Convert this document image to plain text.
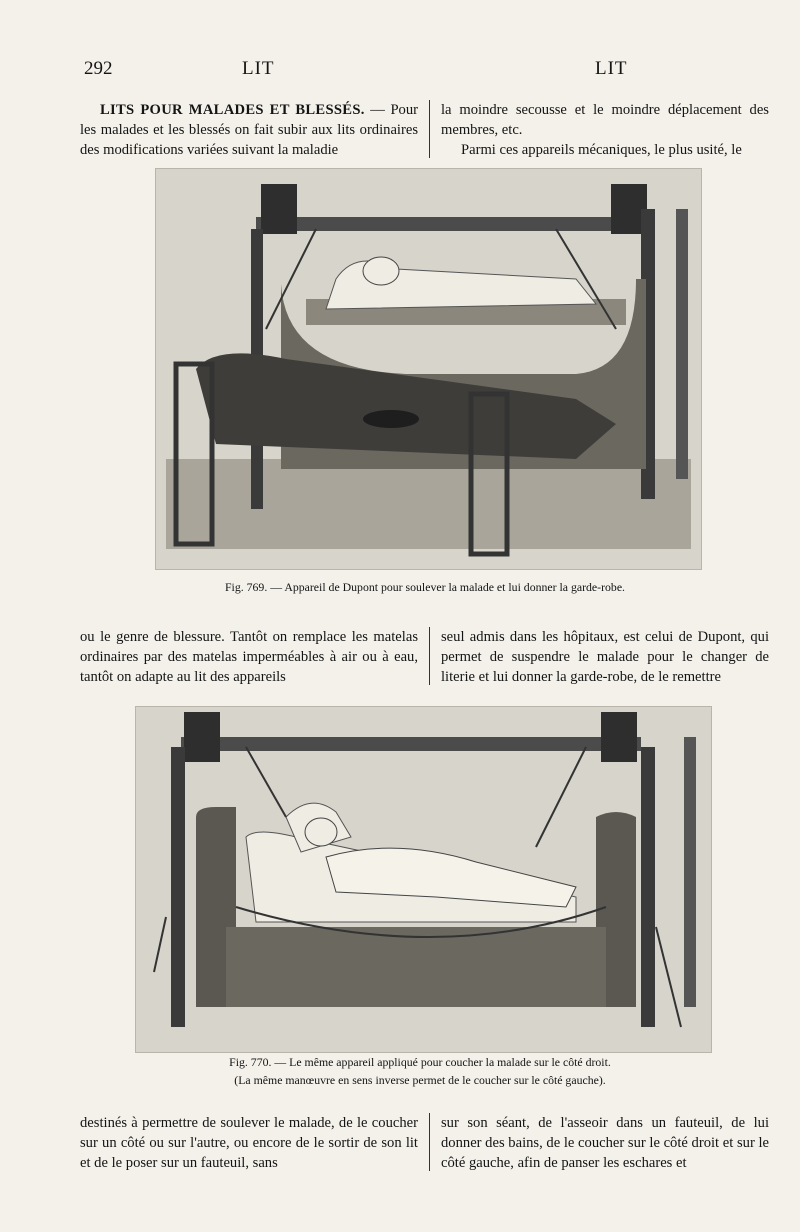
292	LIT	LIT

LITS POUR MALADES ET BLESSÉS. — Pour les malades et les blessés on fait subir aux lits ordinaires des modifications variées suivant la maladie

la moindre secousse et le moindre déplacement des membres, etc.

Parmi ces appareils mécaniques, le plus usité, le

Fig. 769. — Appareil de Dupont pour soulever la malade et lui donner la garde-robe.

ou le genre de blessure. Tantôt on remplace les matelas ordinaires par des matelas imperméables à air ou à eau, tantôt on adapte au lit des appareils

seul admis dans les hôpitaux, est celui de Dupont, qui permet de suspendre le malade pour le changer de literie et lui donner la garde-robe, de le remettre

Fig. 770. — Le même appareil appliqué pour coucher la malade sur le côté droit.
(La même manœuvre en sens inverse permet de le coucher sur le côté gauche).

destinés à permettre de soulever le malade, de le coucher sur un côté ou sur l'autre, ou encore de le sortir de son lit et de le poser sur un fauteuil, sans

sur son séant, de l'asseoir dans un fauteuil, de lui donner des bains, de le coucher sur le côté droit et sur le côté gauche, afin de panser les eschares et
